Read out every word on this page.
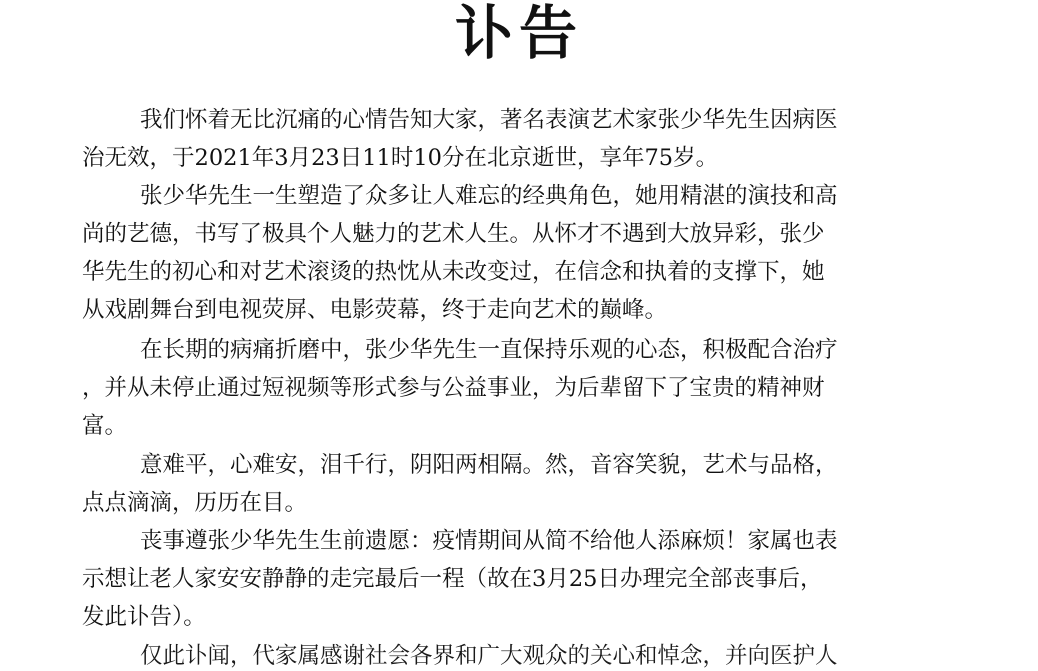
讣告

我们怀着无比沉痛的心情告知大家，著名表演艺术家张少华先生因病医

治无效，于2021年3月23日11时10分在北京逝世，享年75岁。

张少华先生一生塑造了众多让人难忘的经典角色，她用精湛的演技和高

尚的艺德，书写了极具个人魅力的艺术人生。从怀才不遇到大放异彩，张少

华先生的初心和对艺术滚烫的热忱从未改变过，在信念和执着的支撑下，她

从戏剧舞台到电视荧屏、电影荧幕，终于走向艺术的巅峰。

在长期的病痛折磨中，张少华先生一直保持乐观的心态，积极配合治疗

，并从未停止通过短视频等形式参与公益事业，为后辈留下了宝贵的精神财

富。

意难平，心难安，泪千行，阴阳两相隔。然，音容笑貌，艺术与品格，

点点滴滴，历历在目。

丧事遵张少华先生生前遗愿：疫情期间从简不给他人添麻烦！家属也表

示想让老人家安安静静的走完最后一程（故在3月25日办理完全部丧事后，

发此讣告）。

仅此讣闻，代家属感谢社会各界和广大观众的关心和悼念，并向医护人
